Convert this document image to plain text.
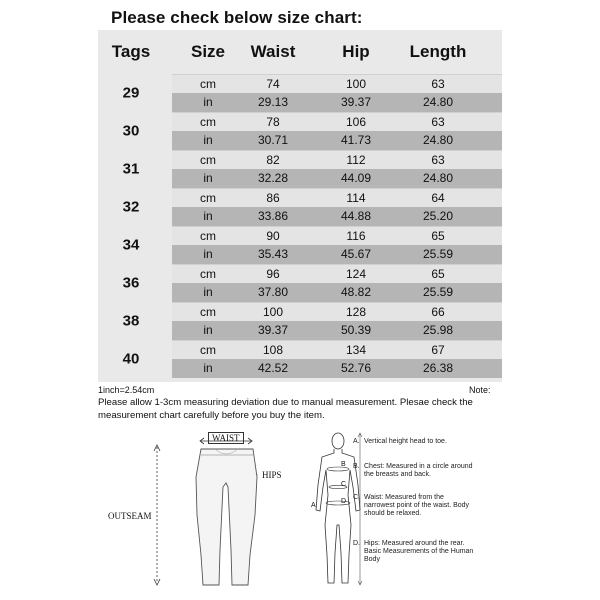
Please check below size chart:
Tags Size Waist	Hip Length
29
cm	74	100	63
in	29.13	39.37	24.80
30
cm	78	106	63
in	30.71	41.73	24.80
31
cm	82	112	63
in	32.28	44.09	24.80
32
cm	86	114	64
in	33.86	44.88	25.20
34
cm	90	116	65
in	35.43	45.67	25.59
36
cm	96	124	65
in	37.80	48.82	25.59
38
cm	100	128	66
in	39.37	50.39	25.98
40
cm	108	134	67
in	42.52	52.76	26.38
1inch=2.54cm	Note:
Please allow 1-3cm measuring deviation due to manual measurement. Plesae check the measurement chart carefully before you buy the item.
WAIST
HIPS
OUTSEAM
A
B
C
D
A. Vertical height head to toe.
B. Chest: Measured in a circle around the breasts and back.
C. Waist: Measured from the narrowest point of the waist. Body should be relaxed.
D. Hips: Measured around the rear. Basic Measurements of the Human Body
